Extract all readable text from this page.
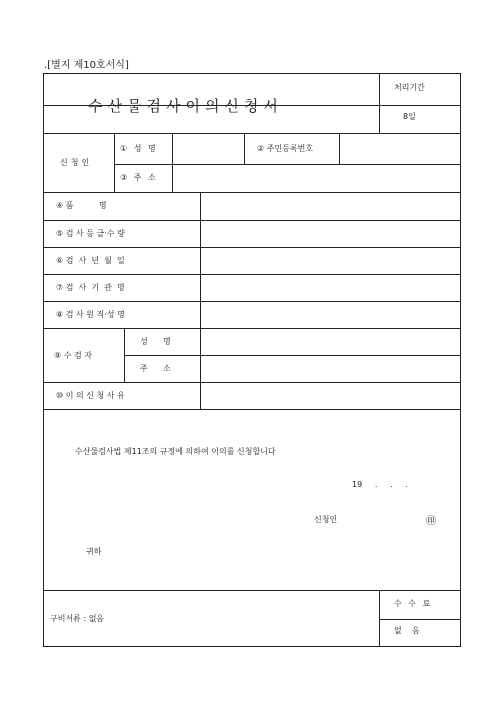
.[별지 제10호서식]
수산물검사이의신청서
처리기간
8일
신청인
① 성 명	② 주민등록번호
③ 주 소
④ 품          명
⑤ 검 사 등 급·수 량
⑥ 검  사  년  월  일
⑦ 검  사  기  관  명
⑧ 검 사 원 직·성 명
⑨ 수 검 자
성      명
주      소
⑩ 이 의 신 청 사 유
수산물검사법 제11조의 규정에 의하여 이의를 신청합니다
19     .     .     .
신청인	㊞
귀하
구비서류 : 없음
수 수 료
없    음
